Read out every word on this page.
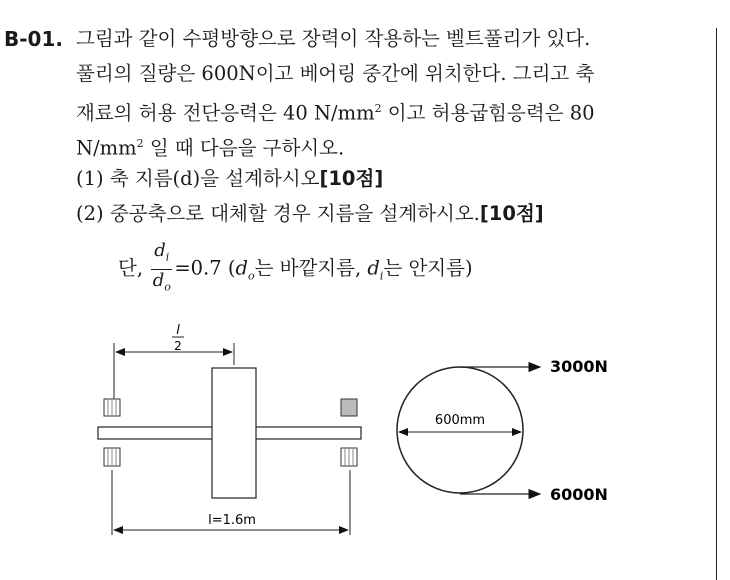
B-01. 그림과 같이 수평방향으로 장력이 작용하는 벨트풀리가 있다.
풀리의 질량은 600N이고 베어링 중간에 위치한다. 그리고 축
재료의 허용 전단응력은 40 $N/mm^2$ 이고 허용굽힘응력은 80
$N/mm^2$ 일 때 다음을 구하시오.
(1) 축 지름(d)을 설계하시오[10점]
(2) 중공축으로 대체할 경우 지름을 설계하시오.[10점]
단, $\frac{d_i}{d_o} =0.7$ ($d_o$는 바깥지름, $d_i$는 안지름)
l
2
l=1.6m
600mm
3000N
6000N
